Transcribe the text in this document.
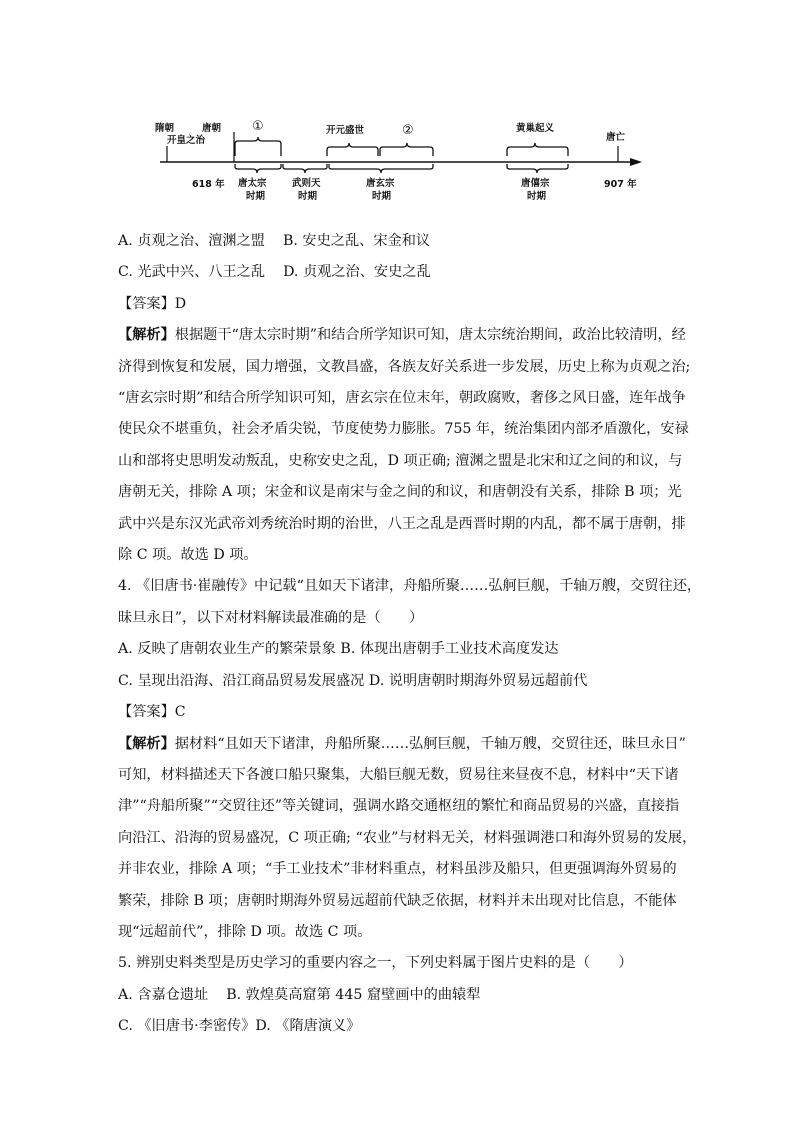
隋朝
开皇之治
唐朝 ①	开元盛世	②	黄巢起义
唐亡
618 年 唐太宗
时期
武则天
时期
唐玄宗
时期
唐僖宗
时期
907 年

A. 贞观之治、澶渊之盟 B. 安史之乱、宋金和议

C. 光武中兴、八王之乱 D. 贞观之治、安史之乱

【答案】D

【解析】根据题干“唐太宗时期”和结合所学知识可知，唐太宗统治期间，政治比较清明，经

济得到恢复和发展，国力增强，文教昌盛，各族友好关系进一步发展，历史上称为贞观之治;

“唐玄宗时期”和结合所学知识可知，唐玄宗在位末年，朝政腐败，奢侈之风日盛，连年战争

使民众不堪重负，社会矛盾尖锐，节度使势力膨胀。755 年，统治集团内部矛盾激化，安禄

山和部将史思明发动叛乱，史称安史之乱，D 项正确; 澶渊之盟是北宋和辽之间的和议，与

唐朝无关，排除 A 项；宋金和议是南宋与金之间的和议，和唐朝没有关系，排除 B 项；光

武中兴是东汉光武帝刘秀统治时期的治世，八王之乱是西晋时期的内乱，都不属于唐朝，排

除 C 项。故选 D 项。

4. 《旧唐书·崔融传》中记载“且如天下诸津，舟船所聚……弘舸巨舰，千轴万艘，交贸往还，

昧旦永日”，以下对材料解读最准确的是（　　）

A. 反映了唐朝农业生产的繁荣景象 B. 体现出唐朝手工业技术高度发达

C. 呈现出沿海、沿江商品贸易发展盛况 D. 说明唐朝时期海外贸易远超前代

【答案】C

【解析】据材料“且如天下诸津，舟船所聚……弘舸巨舰，千轴万艘，交贸往还，昧旦永日”

可知，材料描述天下各渡口船只聚集，大船巨舰无数，贸易往来昼夜不息，材料中“天下诸

津”“舟船所聚”“交贸往还”等关键词，强调水路交通枢纽的繁忙和商品贸易的兴盛，直接指

向沿江、沿海的贸易盛况，C 项正确; “农业”与材料无关，材料强调港口和海外贸易的发展，

并非农业，排除 A 项；“手工业技术”非材料重点，材料虽涉及船只，但更强调海外贸易的

繁荣，排除 B 项；唐朝时期海外贸易远超前代缺乏依据，材料并未出现对比信息，不能体

现“远超前代”，排除 D 项。故选 C 项。

5. 辨别史料类型是历史学习的重要内容之一，下列史料属于图片史料的是（　　）

A. 含嘉仓遗址 B. 敦煌莫高窟第 445 窟壁画中的曲辕犁

C. 《旧唐书·李密传》D. 《隋唐演义》
